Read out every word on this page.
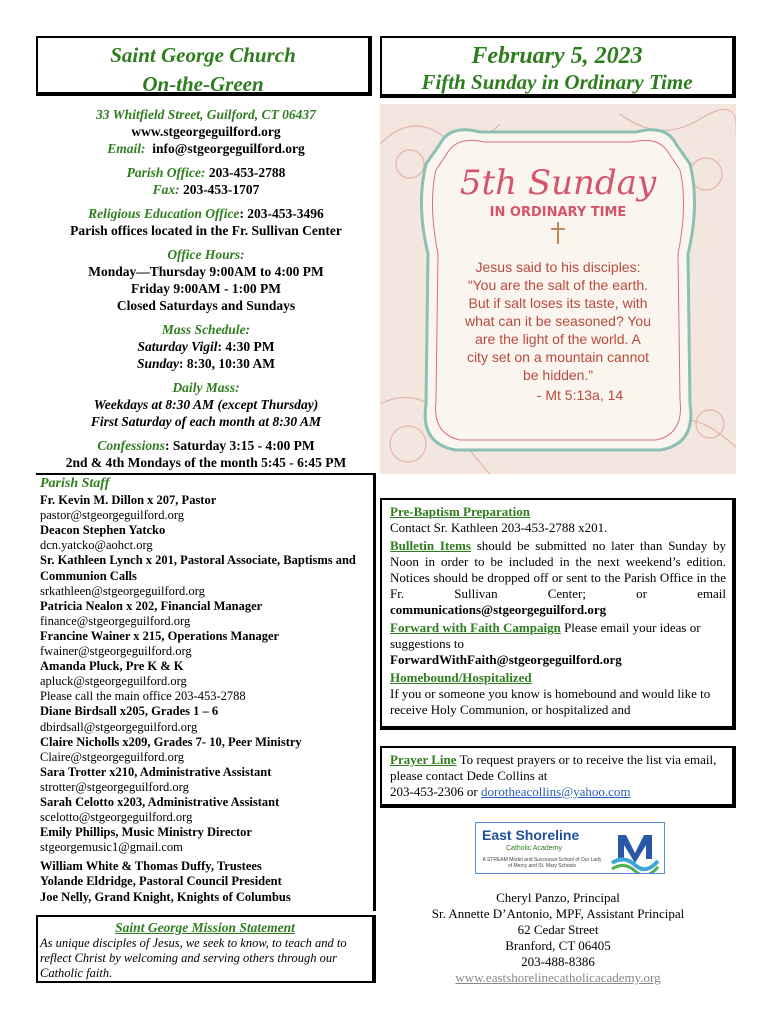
Saint George Church
On-the-Green
February 5, 2023
Fifth Sunday in Ordinary Time
33 Whitfield Street, Guilford, CT 06437
www.stgeorgeguilford.org
Email: info@stgeorgeguilford.org
Parish Office: 203-453-2788
Fax: 203-453-1707
Religious Education Office: 203-453-3496
Parish offices located in the Fr. Sullivan Center
Office Hours:
Monday—Thursday 9:00AM to 4:00 PM
Friday 9:00AM - 1:00 PM
Closed Saturdays and Sundays
Mass Schedule:
Saturday Vigil: 4:30 PM
Sunday: 8:30, 10:30 AM
Daily Mass:
Weekdays at 8:30 AM (except Thursday)
First Saturday of each month at 8:30 AM
Confessions: Saturday 3:15 - 4:00 PM
2nd & 4th Mondays of the month 5:45 - 6:45 PM
5th Sunday
IN ORDINARY TIME
Jesus said to his disciples:
“You are the salt of the earth.
But if salt loses its taste, with
what can it be seasoned? You
are the light of the world. A
city set on a mountain cannot
be hidden.”
- Mt 5:13a, 14
Parish Staff
Fr. Kevin M. Dillon x 207, Pastor
pastor@stgeorgeguilford.org
Deacon Stephen Yatcko
dcn.yatcko@aohct.org
Sr. Kathleen Lynch x 201, Pastoral Associate, Baptisms and Communion Calls
srkathleen@stgeorgeguilford.org
Patricia Nealon x 202, Financial Manager
finance@stgeorgeguilford.org
Francine Wainer x 215, Operations Manager
fwainer@stgeorgeguilford.org
Amanda Pluck, Pre K & K
apluck@stgeorgeguilford.org
Please call the main office 203-453-2788
Diane Birdsall x205, Grades 1 – 6
dbirdsall@stgeorgeguilford.org
Claire Nicholls x209, Grades 7- 10, Peer Ministry
Claire@stgeorgeguilford.org
Sara Trotter x210, Administrative Assistant
strotter@stgeorgeguilford.org
Sarah Celotto x203, Administrative Assistant
scelotto@stgeorgeguilford.org
Emily Phillips, Music Ministry Director
stgeorgemusic1@gmail.com
William White & Thomas Duffy, Trustees
Yolande Eldridge, Pastoral Council President
Joe Nelly, Grand Knight, Knights of Columbus
Saint George Mission Statement
As unique disciples of Jesus, we seek to know, to teach and to reflect Christ by welcoming and serving others through our Catholic faith.
Pre-Baptism Preparation
Contact Sr. Kathleen 203-453-2788 x201.
Bulletin Items should be submitted no later than Sunday by Noon in order to be included in the next weekend’s edition. Notices should be dropped off or sent to the Parish Office in the Fr. Sullivan Center; or email communications@stgeorgeguilford.org
Forward with Faith Campaign Please email your ideas or suggestions to
ForwardWithFaith@stgeorgeguilford.org
Homebound/Hospitalized
If you or someone you know is homebound and would like to receive Holy Communion, or hospitalized and
Prayer Line To request prayers or to receive the list via email, please contact Dede Collins at
203-453-2306 or dorotheacollins@yahoo.com
East Shoreline
Catholic Academy
A STREAM Model and Successor School of Our Lady of Mercy and St. Mary Schools
Cheryl Panzo, Principal
Sr. Annette D’Antonio, MPF, Assistant Principal
62 Cedar Street
Branford, CT 06405
203-488-8386
www.eastshorelinecatholicacademy.org
